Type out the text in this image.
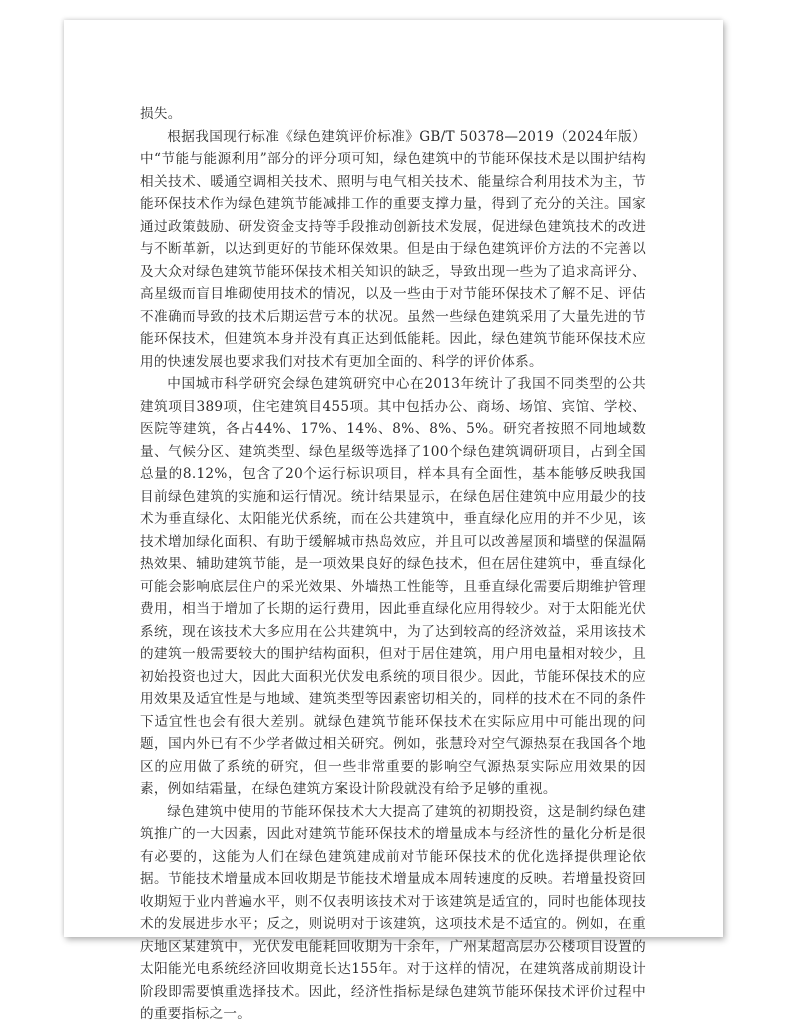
损失。

根据我国现行标准《绿色建筑评价标准》GB/T 50378—2019（2024年版）中“节能与能源利用”部分的评分项可知，绿色建筑中的节能环保技术是以围护结构相关技术、暖通空调相关技术、照明与电气相关技术、能量综合利用技术为主，节能环保技术作为绿色建筑节能减排工作的重要支撑力量，得到了充分的关注。国家通过政策鼓励、研发资金支持等手段推动创新技术发展，促进绿色建筑技术的改进与不断革新，以达到更好的节能环保效果。但是由于绿色建筑评价方法的不完善以及大众对绿色建筑节能环保技术相关知识的缺乏，导致出现一些为了追求高评分、高星级而盲目堆砌使用技术的情况，以及一些由于对节能环保技术了解不足、评估不准确而导致的技术后期运营亏本的状况。虽然一些绿色建筑采用了大量先进的节能环保技术，但建筑本身并没有真正达到低能耗。因此，绿色建筑节能环保技术应用的快速发展也要求我们对技术有更加全面的、科学的评价体系。

中国城市科学研究会绿色建筑研究中心在2013年统计了我国不同类型的公共建筑项目389项，住宅建筑目455项。其中包括办公、商场、场馆、宾馆、学校、医院等建筑，各占44%、17%、14%、8%、8%、5%。研究者按照不同地域数量、气候分区、建筑类型、绿色星级等选择了100个绿色建筑调研项目，占到全国总量的8.12%，包含了20个运行标识项目，样本具有全面性，基本能够反映我国目前绿色建筑的实施和运行情况。统计结果显示，在绿色居住建筑中应用最少的技术为垂直绿化、太阳能光伏系统，而在公共建筑中，垂直绿化应用的并不少见，该技术增加绿化面积、有助于缓解城市热岛效应，并且可以改善屋顶和墙壁的保温隔热效果、辅助建筑节能，是一项效果良好的绿色技术，但在居住建筑中，垂直绿化可能会影响底层住户的采光效果、外墙热工性能等，且垂直绿化需要后期维护管理费用，相当于增加了长期的运行费用，因此垂直绿化应用得较少。对于太阳能光伏系统，现在该技术大多应用在公共建筑中，为了达到较高的经济效益，采用该技术的建筑一般需要较大的围护结构面积，但对于居住建筑，用户用电量相对较少，且初始投资也过大，因此大面积光伏发电系统的项目很少。因此，节能环保技术的应用效果及适宜性是与地域、建筑类型等因素密切相关的，同样的技术在不同的条件下适宜性也会有很大差别。就绿色建筑节能环保技术在实际应用中可能出现的问题，国内外已有不少学者做过相关研究。例如，张慧玲对空气源热泵在我国各个地区的应用做了系统的研究，但一些非常重要的影响空气源热泵实际应用效果的因素，例如结霜量，在绿色建筑方案设计阶段就没有给予足够的重视。

绿色建筑中使用的节能环保技术大大提高了建筑的初期投资，这是制约绿色建筑推广的一大因素，因此对建筑节能环保技术的增量成本与经济性的量化分析是很有必要的，这能为人们在绿色建筑建成前对节能环保技术的优化选择提供理论依据。节能技术增量成本回收期是节能技术增量成本周转速度的反映。若增量投资回收期短于业内普遍水平，则不仅表明该技术对于该建筑是适宜的，同时也能体现技术的发展进步水平；反之，则说明对于该建筑，这项技术是不适宜的。例如，在重庆地区某建筑中，光伏发电能耗回收期为十余年，广州某超高层办公楼项目设置的太阳能光电系统经济回收期竟长达155年。对于这样的情况，在建筑落成前期设计阶段即需要慎重选择技术。因此，经济性指标是绿色建筑节能环保技术评价过程中的重要指标之一。
